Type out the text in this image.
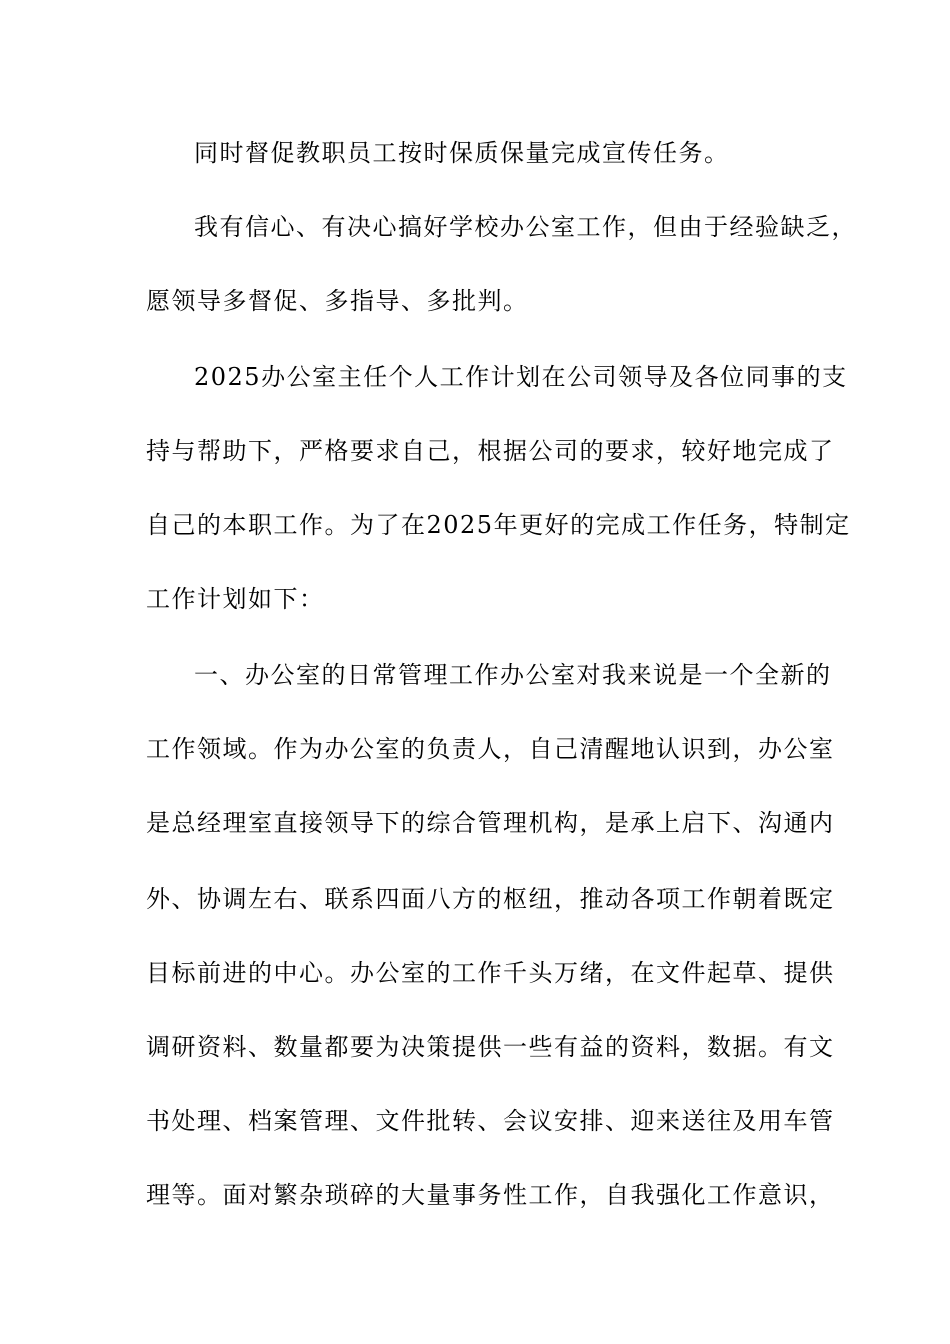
同时督促教职员工按时保质保量完成宣传任务。
我有信心、有决心搞好学校办公室工作，但由于经验缺乏，
愿领导多督促、多指导、多批判。
2025办公室主任个人工作计划在公司领导及各位同事的支
持与帮助下，严格要求自己，根据公司的要求，较好地完成了
自己的本职工作。为了在2025年更好的完成工作任务，特制定
工作计划如下：
一、办公室的日常管理工作办公室对我来说是一个全新的
工作领域。作为办公室的负责人，自己清醒地认识到，办公室
是总经理室直接领导下的综合管理机构，是承上启下、沟通内
外、协调左右、联系四面八方的枢纽，推动各项工作朝着既定
目标前进的中心。办公室的工作千头万绪，在文件起草、提供
调研资料、数量都要为决策提供一些有益的资料，数据。有文
书处理、档案管理、文件批转、会议安排、迎来送往及用车管
理等。面对繁杂琐碎的大量事务性工作，自我强化工作意识，
